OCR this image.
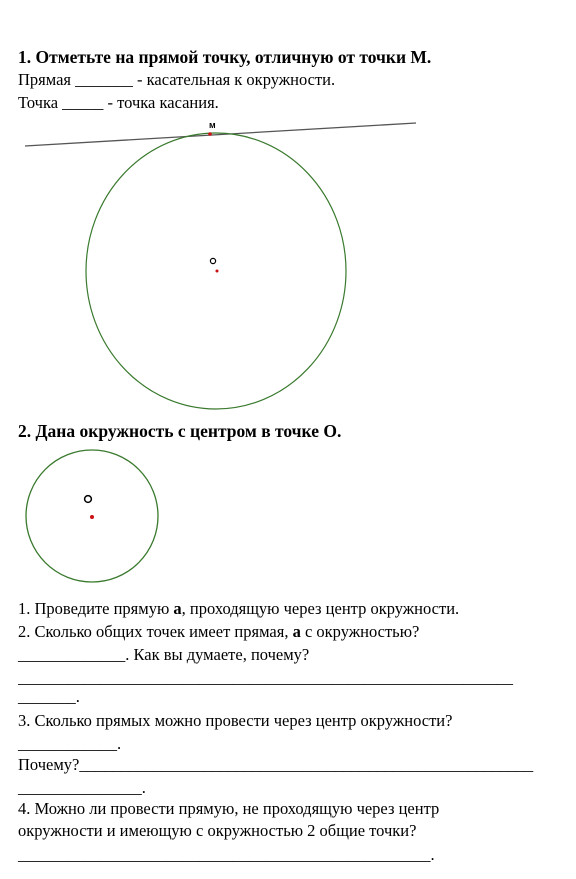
1. Отметьте на прямой точку, отличную от точки М.
Прямая _______ - касательная к окружности.
Точка _____ - точка касания.
м
2. Дана окружность с центром в точке О.
1. Проведите прямую а, проходящую через центр окружности.
2. Сколько общих точек имеет прямая, а с окружностью?
_____________. Как вы думаете, почему?
____________________________________________________________
_______.
3. Сколько прямых можно провести через центр окружности?
____________.
Почему?_______________________________________________________
_______________.
4. Можно ли провести прямую, не проходящую через центр
окружности и имеющую с окружностью 2 общие точки?
__________________________________________________.
